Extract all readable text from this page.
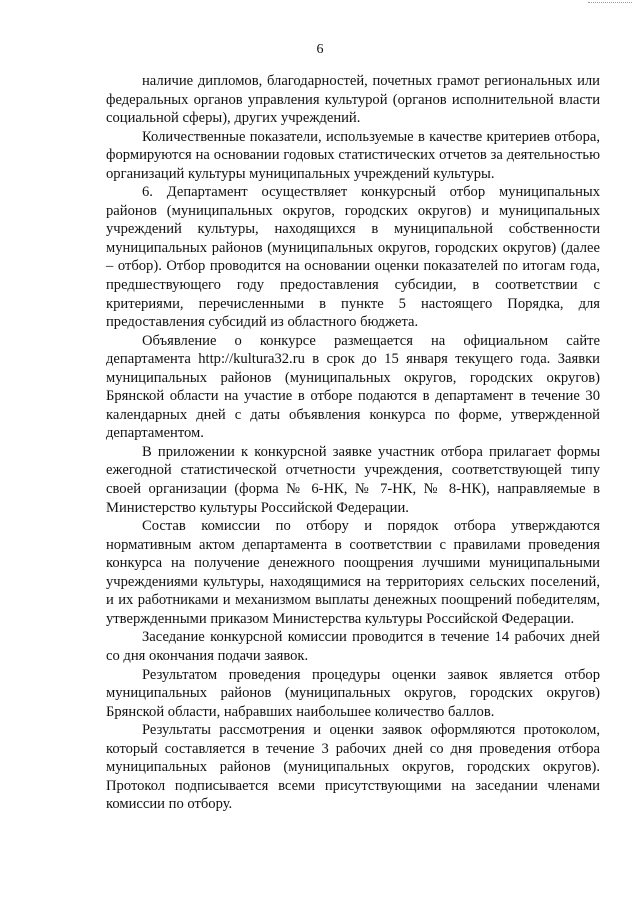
6

наличие дипломов, благодарностей, почетных грамот региональных или федеральных органов управления культурой (органов исполнительной власти социальной сферы), других учреждений.

Количественные показатели, используемые в качестве критериев отбора, формируются на основании годовых статистических отчетов за деятельностью организаций культуры муниципальных учреждений культуры.

6. Департамент осуществляет конкурсный отбор муниципальных районов (муниципальных округов, городских округов) и муниципальных учреждений культуры, находящихся в муниципальной собственности муниципальных районов (муниципальных округов, городских округов) (далее – отбор). Отбор проводится на основании оценки показателей по итогам года, предшествующего году предоставления субсидии, в соответствии с критериями, перечисленными в пункте 5 настоящего Порядка, для предоставления субсидий из областного бюджета.

Объявление о конкурсе размещается на официальном сайте департамента http://kultura32.ru в срок до 15 января текущего года. Заявки муниципальных районов (муниципальных округов, городских округов) Брянской области на участие в отборе подаются в департамент в течение 30 календарных дней с даты объявления конкурса по форме, утвержденной департаментом.

В приложении к конкурсной заявке участник отбора прилагает формы ежегодной статистической отчетности учреждения, соответствующей типу своей организации (форма № 6-НК, № 7-НК, № 8-НК), направляемые в Министерство культуры Российской Федерации.

Состав комиссии по отбору и порядок отбора утверждаются нормативным актом департамента в соответствии с правилами проведения конкурса на получение денежного поощрения лучшими муниципальными учреждениями культуры, находящимися на территориях сельских поселений, и их работниками и механизмом выплаты денежных поощрений победителям, утвержденными приказом Министерства культуры Российской Федерации.

Заседание конкурсной комиссии проводится в течение 14 рабочих дней со дня окончания подачи заявок.

Результатом проведения процедуры оценки заявок является отбор муниципальных районов (муниципальных округов, городских округов) Брянской области, набравших наибольшее количество баллов.

Результаты рассмотрения и оценки заявок оформляются протоколом, который составляется в течение 3 рабочих дней со дня проведения отбора муниципальных районов (муниципальных округов, городских округов). Протокол подписывается всеми присутствующими на заседании членами комиссии по отбору.
